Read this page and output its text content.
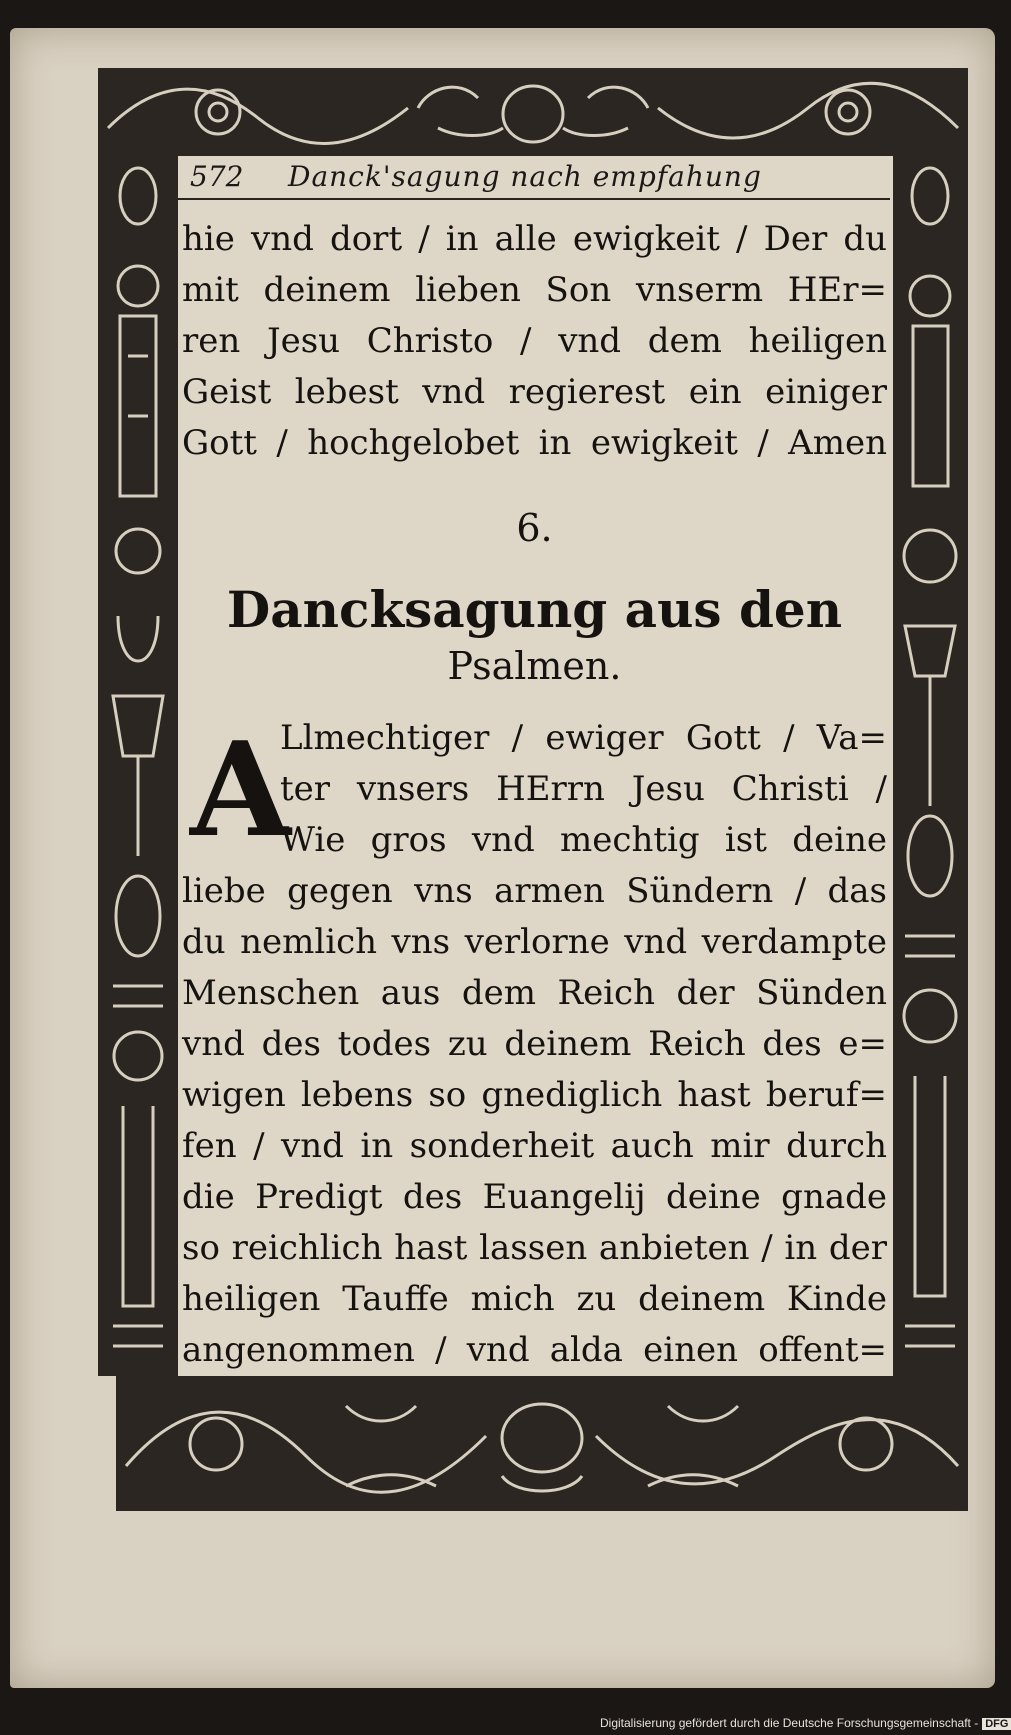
572 Danck'sagung nach empfahung
hie vnd dort / in alle ewigkeit / Der du
mit deinem lieben Son vnserm HEr=
ren Jesu Christo / vnd dem heiligen
Geist lebest vnd regierest ein einiger
Gott / hochgelobet in ewigkeit / Amen
6.
Dancksagung aus den
Psalmen.
A
Llmechtiger / ewiger Gott / Va=
ter vnsers HErrn Jesu Christi /
Wie gros vnd mechtig ist deine
liebe gegen vns armen Sündern / das
du nemlich vns verlorne vnd verdampte
Menschen aus dem Reich der Sünden
vnd des todes zu deinem Reich des e=
wigen lebens so gnediglich hast beruf=
fen / vnd in sonderheit auch mir durch
die Predigt des Euangelij deine gnade
so reichlich hast lassen anbieten / in der
heiligen Tauffe mich zu deinem Kinde
angenommen / vnd alda einen offent=
Digitalisierung gefördert durch die Deutsche Forschungsgemeinschaft - DFG
